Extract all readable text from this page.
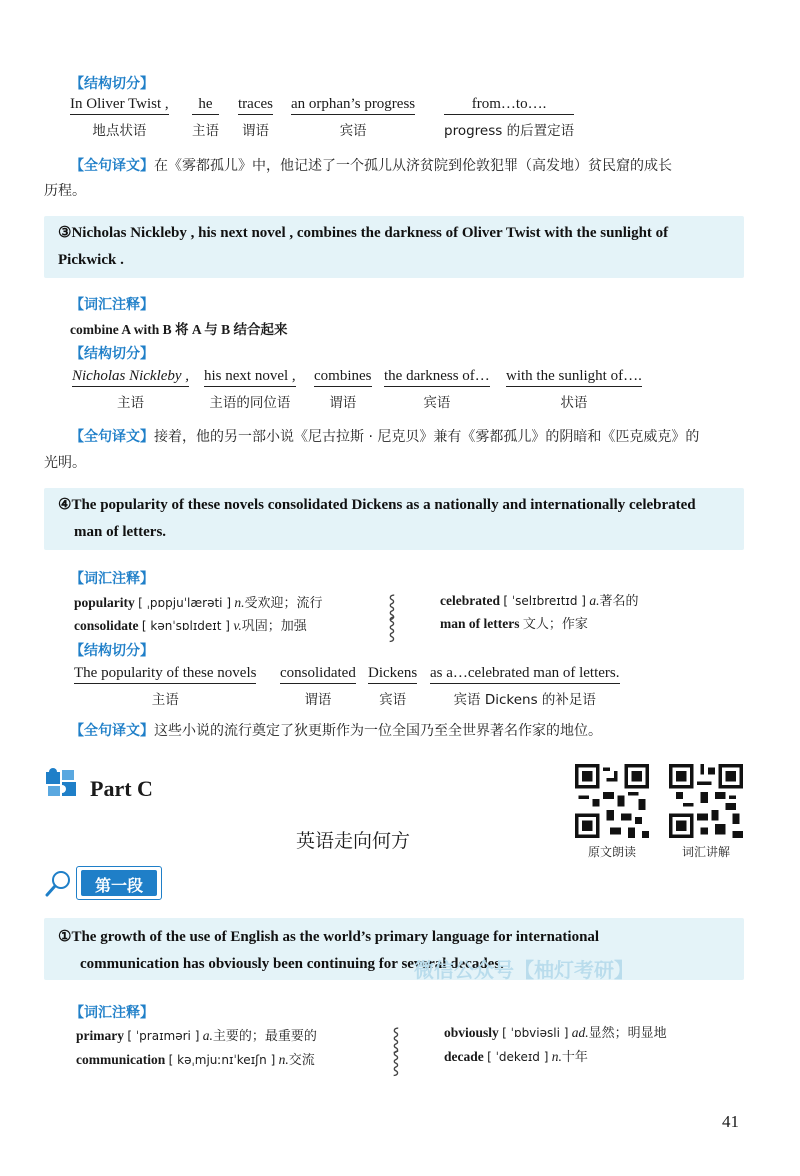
【结构切分】
In Oliver Twist ,
地点状语
he
主语
traces
谓语
an orphan’s progress
宾语
from…to….
progress 的后置定语
【全句译文】在《雾都孤儿》中，他记述了一个孤儿从济贫院到伦敦犯罪（高发地）贫民窟的成长
历程。
③Nicholas Nickleby , his next novel , combines the darkness of Oliver Twist with the sunlight of
Pickwick .
【词汇注释】
combine A with B 将 A 与 B 结合起来
【结构切分】
Nicholas Nickleby ,
主语
his next novel ,
主语的同位语
combines
谓语
the darkness of…
宾语
with the sunlight of….
状语
【全句译文】接着，他的另一部小说《尼古拉斯 · 尼克贝》兼有《雾都孤儿》的阴暗和《匹克威克》的
光明。
④The popularity of these novels consolidated Dickens as a nationally and internationally celebrated
man of letters.
【词汇注释】
popularity [ ˌpɒpjuˈlærəti ] n.受欢迎；流行
consolidate [ kənˈsɒlɪdeɪt ] v.巩固；加强
⸾
⸾
celebrated [ ˈselɪbreɪtɪd ] a.著名的
man of letters 文人；作家
【结构切分】
The popularity of these novels
主语
consolidated
谓语
Dickens
宾语
as a…celebrated man of letters.
宾语 Dickens 的补足语
【全句译文】这些小说的流行奠定了狄更斯作为一位全国乃至全世界著名作家的地位。
Part C
英语走向何方	原文朗读	词汇讲解
第一段
①The growth of the use of English as the world’s primary language for international
communication has obviously been continuing for several decades.
微信公众号【柚灯考研】
【词汇注释】
primary [ ˈpraɪməri ] a.主要的；最重要的
communication [ kəˌmjuːnɪˈkeɪʃn ] n.交流
⸾
⸾
obviously [ ˈɒbviəsli ] ad.显然；明显地
decade [ ˈdekeɪd ] n.十年
41
